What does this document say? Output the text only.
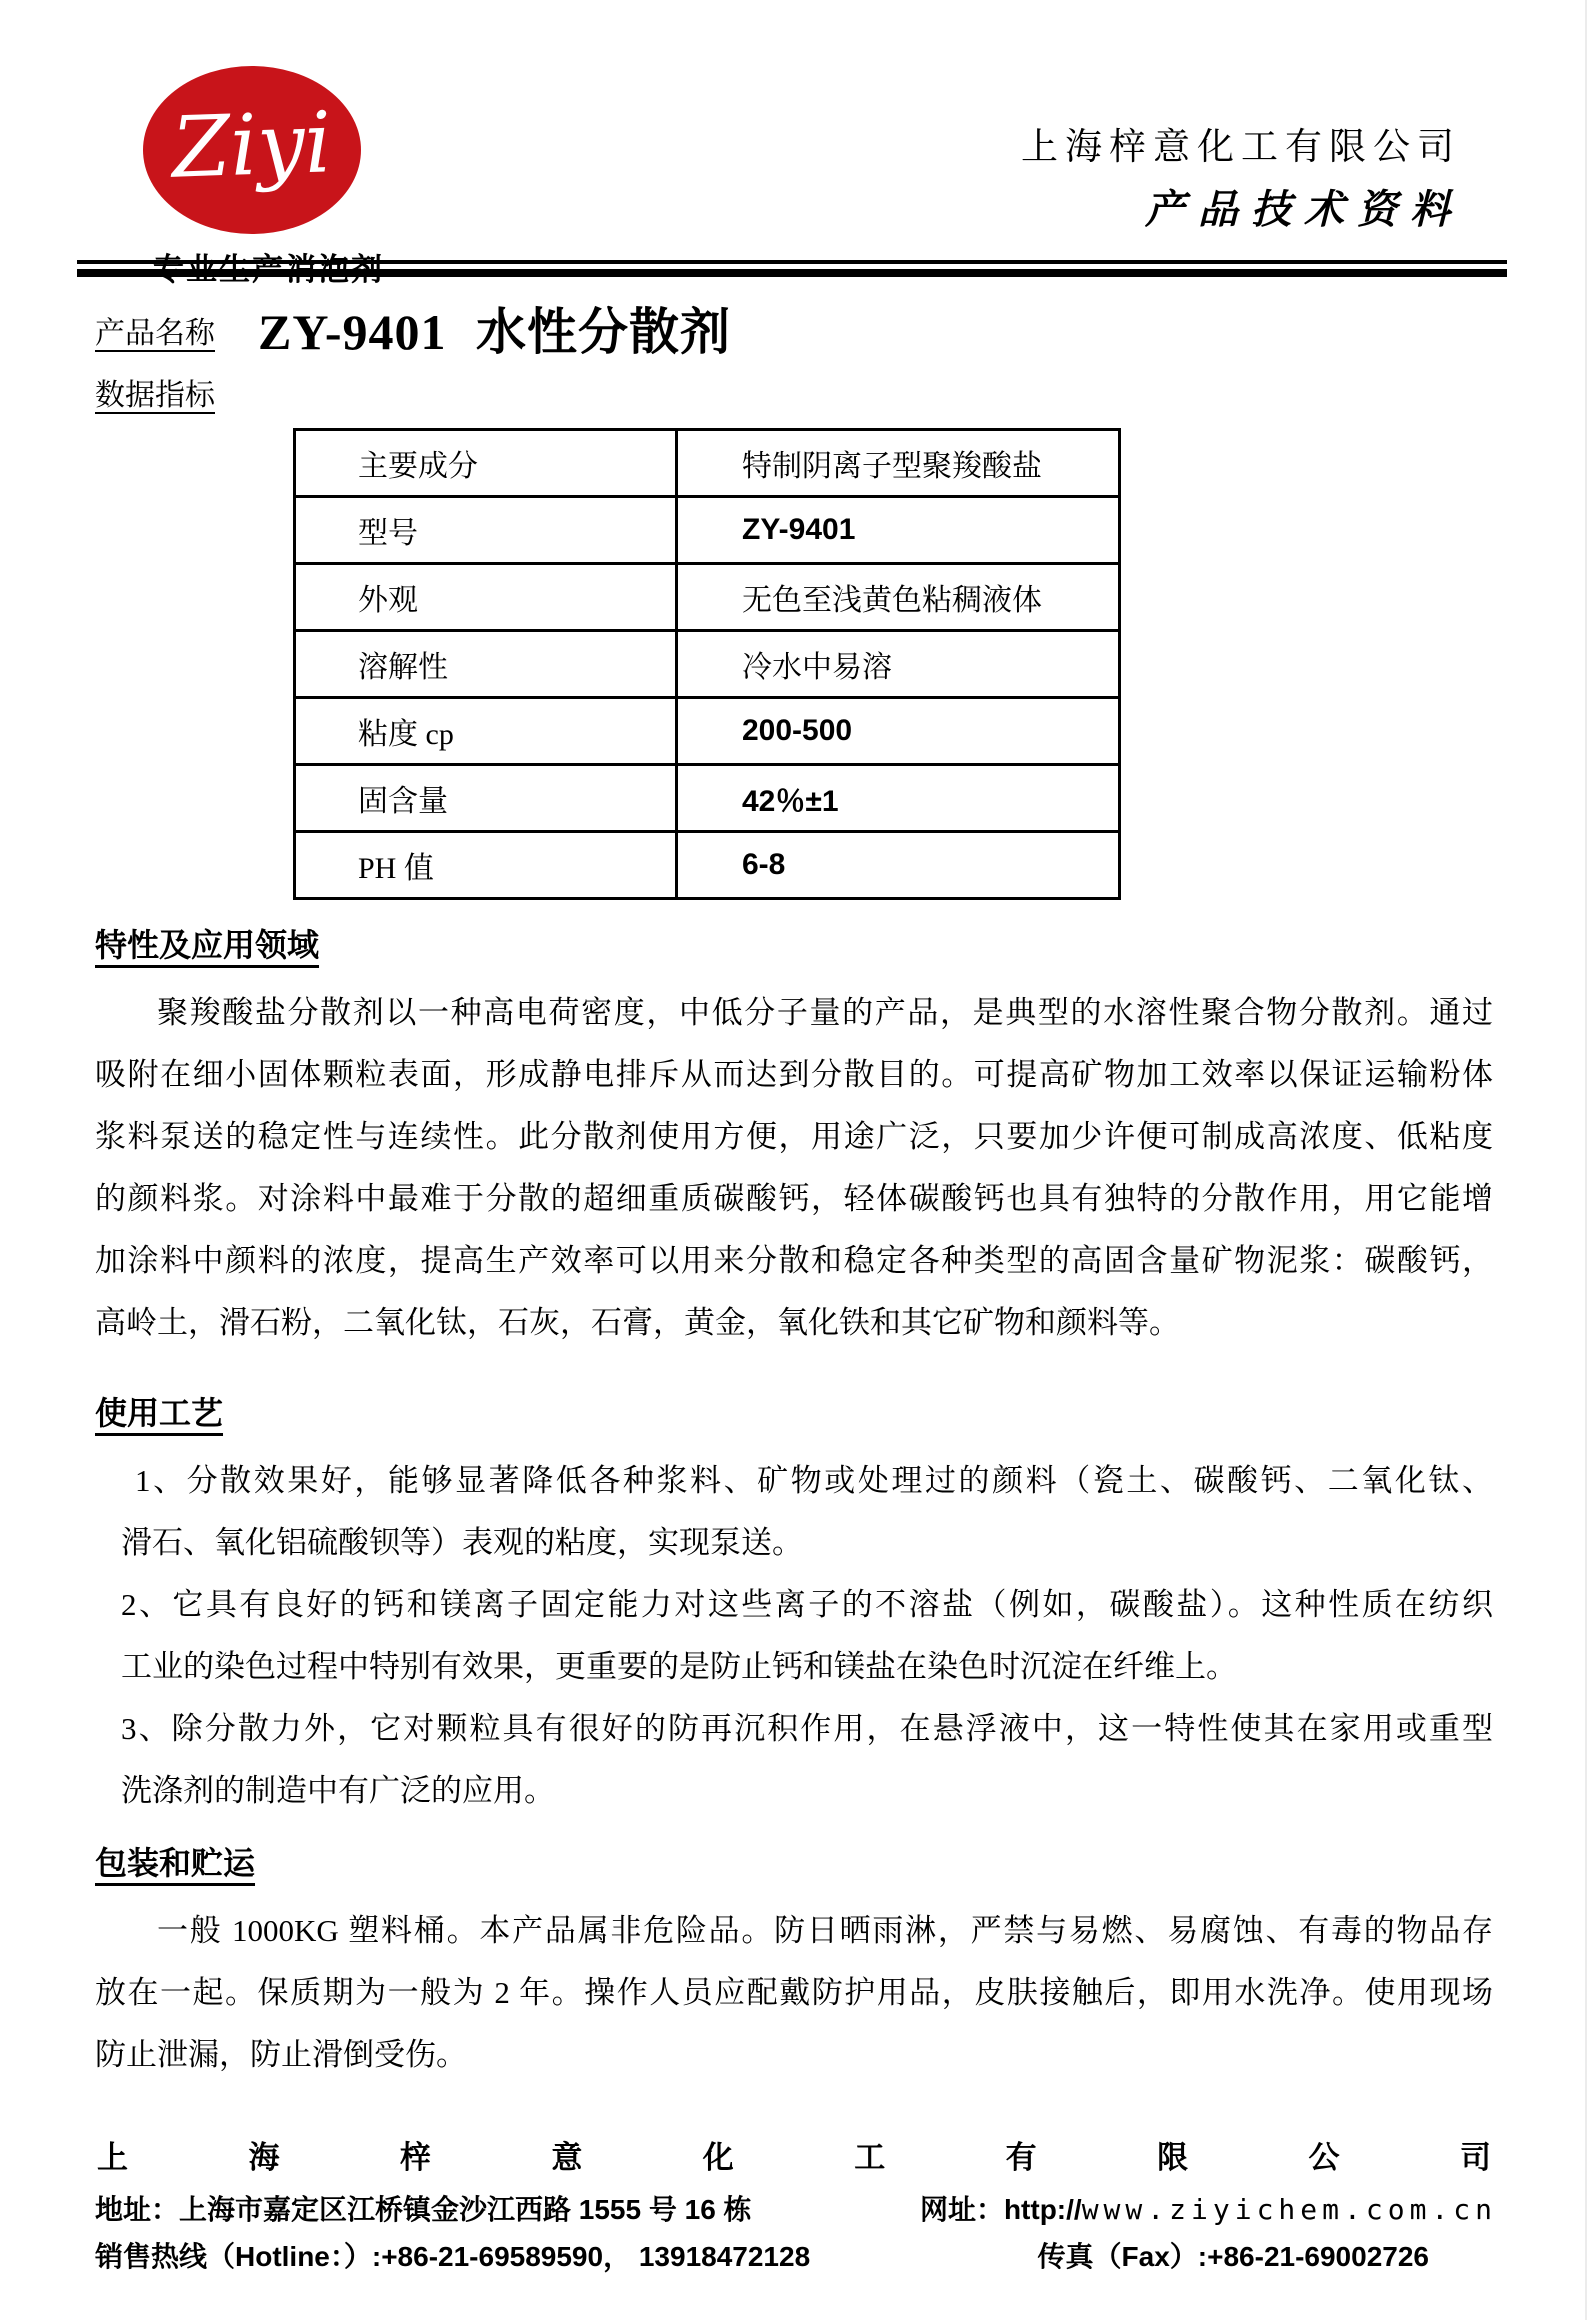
Ziyi	上海梓意化工有限公司
产品技术资料
产品名称 ZY-9401 水性分散剂
数据指标
主要成分	特制阴离子型聚羧酸盐
型号	ZY-9401
外观	无色至浅黄色粘稠液体
溶解性	冷水中易溶
粘度 cp	200-500
固含量	42％±1
PH 值	6-8
特性及应用领域
聚羧酸盐分散剂以一种高电荷密度，中低分子量的产品，是典型的水溶性聚合物分散剂。通过
吸附在细小固体颗粒表面，形成静电排斥从而达到分散目的。可提高矿物加工效率以保证运输粉体
浆料泵送的稳定性与连续性。此分散剂使用方便，用途广泛，只要加少许便可制成高浓度、低粘度
的颜料浆。对涂料中最难于分散的超细重质碳酸钙，轻体碳酸钙也具有独特的分散作用，用它能增
加涂料中颜料的浓度，提高生产效率可以用来分散和稳定各种类型的高固含量矿物泥浆：碳酸钙，
高岭土，滑石粉，二氧化钛，石灰，石膏，黄金，氧化铁和其它矿物和颜料等。
使用工艺
1、分散效果好，能够显著降低各种浆料、矿物或处理过的颜料（瓷土、碳酸钙、二氧化钛、
滑石、氧化铝硫酸钡等）表观的粘度，实现泵送。
2、它具有良好的钙和镁离子固定能力对这些离子的不溶盐（例如，碳酸盐）。这种性质在纺织
工业的染色过程中特别有效果，更重要的是防止钙和镁盐在染色时沉淀在纤维上。
3、除分散力外，它对颗粒具有很好的防再沉积作用，在悬浮液中，这一特性使其在家用或重型
洗涤剂的制造中有广泛的应用。
包装和贮运
一般 1000KG 塑料桶。本产品属非危险品。防日晒雨淋，严禁与易燃、易腐蚀、有毒的物品存
放在一起。保质期为一般为 2 年。操作人员应配戴防护用品，皮肤接触后，即用水洗净。使用现场
防止泄漏，防止滑倒受伤。
上	海	梓	意	化	工	有	限	公	司
地址：上海市嘉定区江桥镇金沙江西路 1555 号 16 栋	网址：http://www.ziyichem.com.cn
销售热线（Hotline：）:+86-21-69589590， 13918472128	传真（Fax）:+86-21-69002726
